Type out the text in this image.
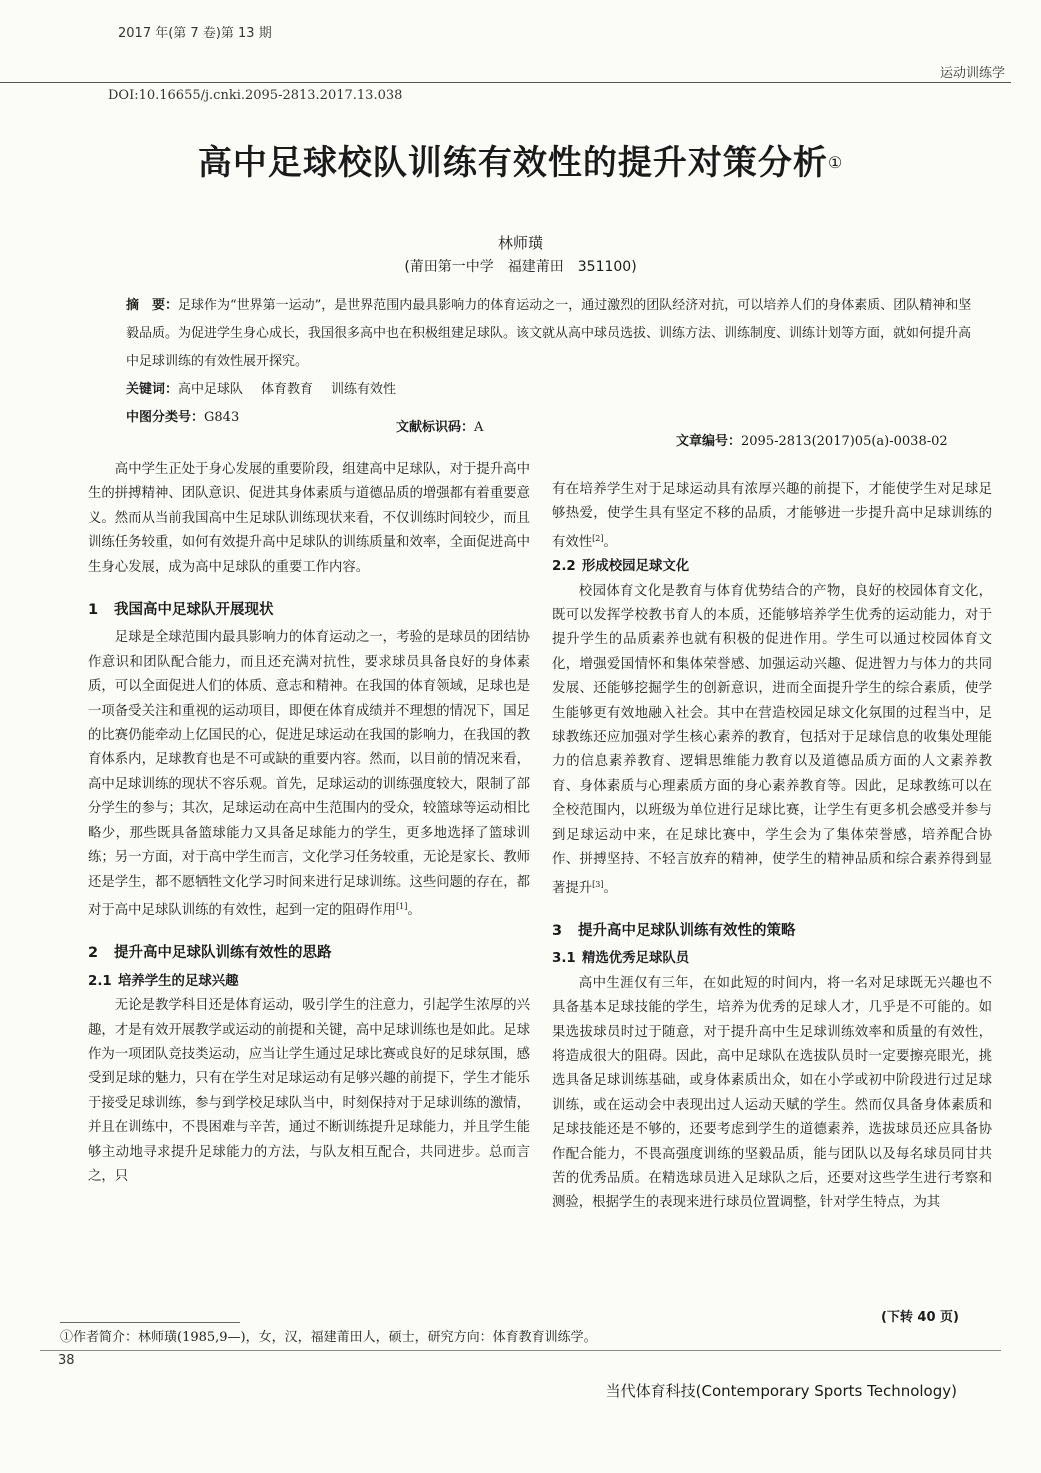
2017 年(第 7 卷)第 13 期
运动训练学
DOI:10.16655/j.cnki.2095-2813.2017.13.038
高中足球校队训练有效性的提升对策分析①
林师璜
(莆田第一中学　福建莆田　351100)
摘　要：足球作为“世界第一运动”，是世界范围内最具影响力的体育运动之一，通过激烈的团队经济对抗，可以培养人们的身体素质、团队精神和坚毅品质。为促进学生身心成长，我国很多高中也在积极组建足球队。该文就从高中球员选拔、训练方法、训练制度、训练计划等方面，就如何提升高中足球训练的有效性展开探究。
关键词：高中足球队 体育教育 训练有效性
中图分类号：G843
文献标识码：A
文章编号：2095-2813(2017)05(a)-0038-02

高中学生正处于身心发展的重要阶段，组建高中足球队，对于提升高中生的拼搏精神、团队意识、促进其身体素质与道德品质的增强都有着重要意义。然而从当前我国高中生足球队训练现状来看，不仅训练时间较少，而且训练任务较重，如何有效提升高中足球队的训练质量和效率，全面促进高中生身心发展，成为高中足球队的重要工作内容。

1 我国高中足球队开展现状

足球是全球范围内最具影响力的体育运动之一，考验的是球员的团结协作意识和团队配合能力，而且还充满对抗性，要求球员具备良好的身体素质，可以全面促进人们的体质、意志和精神。在我国的体育领域，足球也是一项备受关注和重视的运动项目，即便在体育成绩并不理想的情况下，国足的比赛仍能牵动上亿国民的心，促进足球运动在我国的影响力，在我国的教育体系内，足球教育也是不可或缺的重要内容。然而，以目前的情况来看，高中足球训练的现状不容乐观。首先，足球运动的训练强度较大，限制了部分学生的参与；其次，足球运动在高中生范围内的受众，较篮球等运动相比略少，那些既具备篮球能力又具备足球能力的学生，更多地选择了篮球训练；另一方面，对于高中学生而言，文化学习任务较重，无论是家长、教师还是学生，都不愿牺牲文化学习时间来进行足球训练。这些问题的存在，都对于高中足球队训练的有效性，起到一定的阻碍作用[1]。

2 提升高中足球队训练有效性的思路
2.1 培养学生的足球兴趣

无论是教学科目还是体育运动，吸引学生的注意力，引起学生浓厚的兴趣，才是有效开展教学或运动的前提和关键，高中足球训练也是如此。足球作为一项团队竞技类运动，应当让学生通过足球比赛或良好的足球氛围，感受到足球的魅力，只有在学生对足球运动有足够兴趣的前提下，学生才能乐于接受足球训练，参与到学校足球队当中，时刻保持对于足球训练的激情，并且在训练中，不畏困难与辛苦，通过不断训练提升足球能力，并且学生能够主动地寻求提升足球能力的方法，与队友相互配合，共同进步。总而言之，只

有在培养学生对于足球运动具有浓厚兴趣的前提下，才能使学生对足球足够热爱，使学生具有坚定不移的品质，才能够进一步提升高中足球训练的有效性[2]。

2.2 形成校园足球文化

校园体育文化是教育与体育优势结合的产物，良好的校园体育文化，既可以发挥学校教书育人的本质，还能够培养学生优秀的运动能力，对于提升学生的品质素养也就有积极的促进作用。学生可以通过校园体育文化，增强爱国情怀和集体荣誉感、加强运动兴趣、促进智力与体力的共同发展、还能够挖掘学生的创新意识，进而全面提升学生的综合素质，使学生能够更有效地融入社会。其中在营造校园足球文化氛围的过程当中，足球教练还应加强对学生核心素养的教育，包括对于足球信息的收集处理能力的信息素养教育、逻辑思维能力教育以及道德品质方面的人文素养教育、身体素质与心理素质方面的身心素养教育等。因此，足球教练可以在全校范围内，以班级为单位进行足球比赛，让学生有更多机会感受并参与到足球运动中来，在足球比赛中，学生会为了集体荣誉感，培养配合协作、拼搏坚持、不轻言放弃的精神，使学生的精神品质和综合素养得到显著提升[3]。

3 提升高中足球队训练有效性的策略
3.1 精选优秀足球队员

高中生涯仅有三年，在如此短的时间内，将一名对足球既无兴趣也不具备基本足球技能的学生，培养为优秀的足球人才，几乎是不可能的。如果选拔球员时过于随意，对于提升高中生足球训练效率和质量的有效性，将造成很大的阻碍。因此，高中足球队在选拔队员时一定要擦亮眼光，挑选具备足球训练基础，或身体素质出众，如在小学或初中阶段进行过足球训练，或在运动会中表现出过人运动天赋的学生。然而仅具备身体素质和足球技能还是不够的，还要考虑到学生的道德素养，选拔球员还应具备协作配合能力，不畏高强度训练的坚毅品质，能与团队以及每名球员同甘共苦的优秀品质。在精选球员进入足球队之后，还要对这些学生进行考察和测验，根据学生的表现来进行球员位置调整，针对学生特点，为其

(下转 40 页)
①作者简介：林师璜(1985,9—)，女，汉，福建莆田人，硕士，研究方向：体育教育训练学。
38
当代体育科技(Contemporary Sports Technology)
